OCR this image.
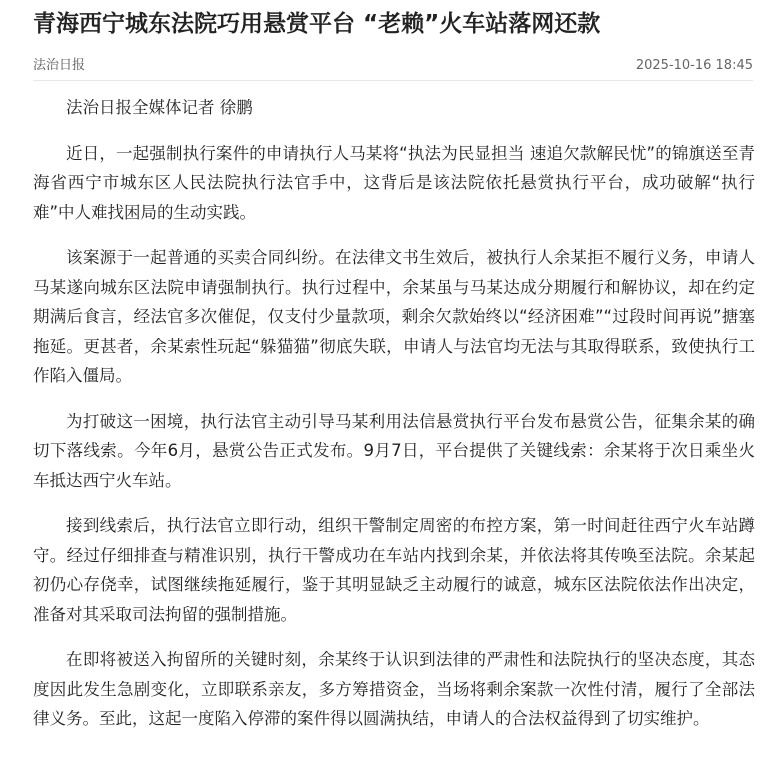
青海西宁城东法院巧用悬赏平台 “老赖”火车站落网还款
法治日报	2025-10-16 18:45

法治日报全媒体记者 徐鹏

近日，一起强制执行案件的申请执行人马某将“执法为民显担当 速追欠款解民忧”的锦旗送至青海省西宁市城东区人民法院执行法官手中，这背后是该法院依托悬赏执行平台，成功破解“执行难”中人难找困局的生动实践。

该案源于一起普通的买卖合同纠纷。在法律文书生效后，被执行人余某拒不履行义务，申请人马某遂向城东区法院申请强制执行。执行过程中，余某虽与马某达成分期履行和解协议，却在约定期满后食言，经法官多次催促，仅支付少量款项，剩余欠款始终以“经济困难”“过段时间再说”搪塞拖延。更甚者，余某索性玩起“躲猫猫”彻底失联，申请人与法官均无法与其取得联系，致使执行工作陷入僵局。

为打破这一困境，执行法官主动引导马某利用法信悬赏执行平台发布悬赏公告，征集余某的确切下落线索。今年6月，悬赏公告正式发布。9月7日，平台提供了关键线索：余某将于次日乘坐火车抵达西宁火车站。

接到线索后，执行法官立即行动，组织干警制定周密的布控方案，第一时间赶往西宁火车站蹲守。经过仔细排查与精准识别，执行干警成功在车站内找到余某，并依法将其传唤至法院。余某起初仍心存侥幸，试图继续拖延履行，鉴于其明显缺乏主动履行的诚意，城东区法院依法作出决定，准备对其采取司法拘留的强制措施。

在即将被送入拘留所的关键时刻，余某终于认识到法律的严肃性和法院执行的坚决态度，其态度因此发生急剧变化，立即联系亲友，多方筹措资金，当场将剩余案款一次性付清，履行了全部法律义务。至此，这起一度陷入停滞的案件得以圆满执结，申请人的合法权益得到了切实维护。
